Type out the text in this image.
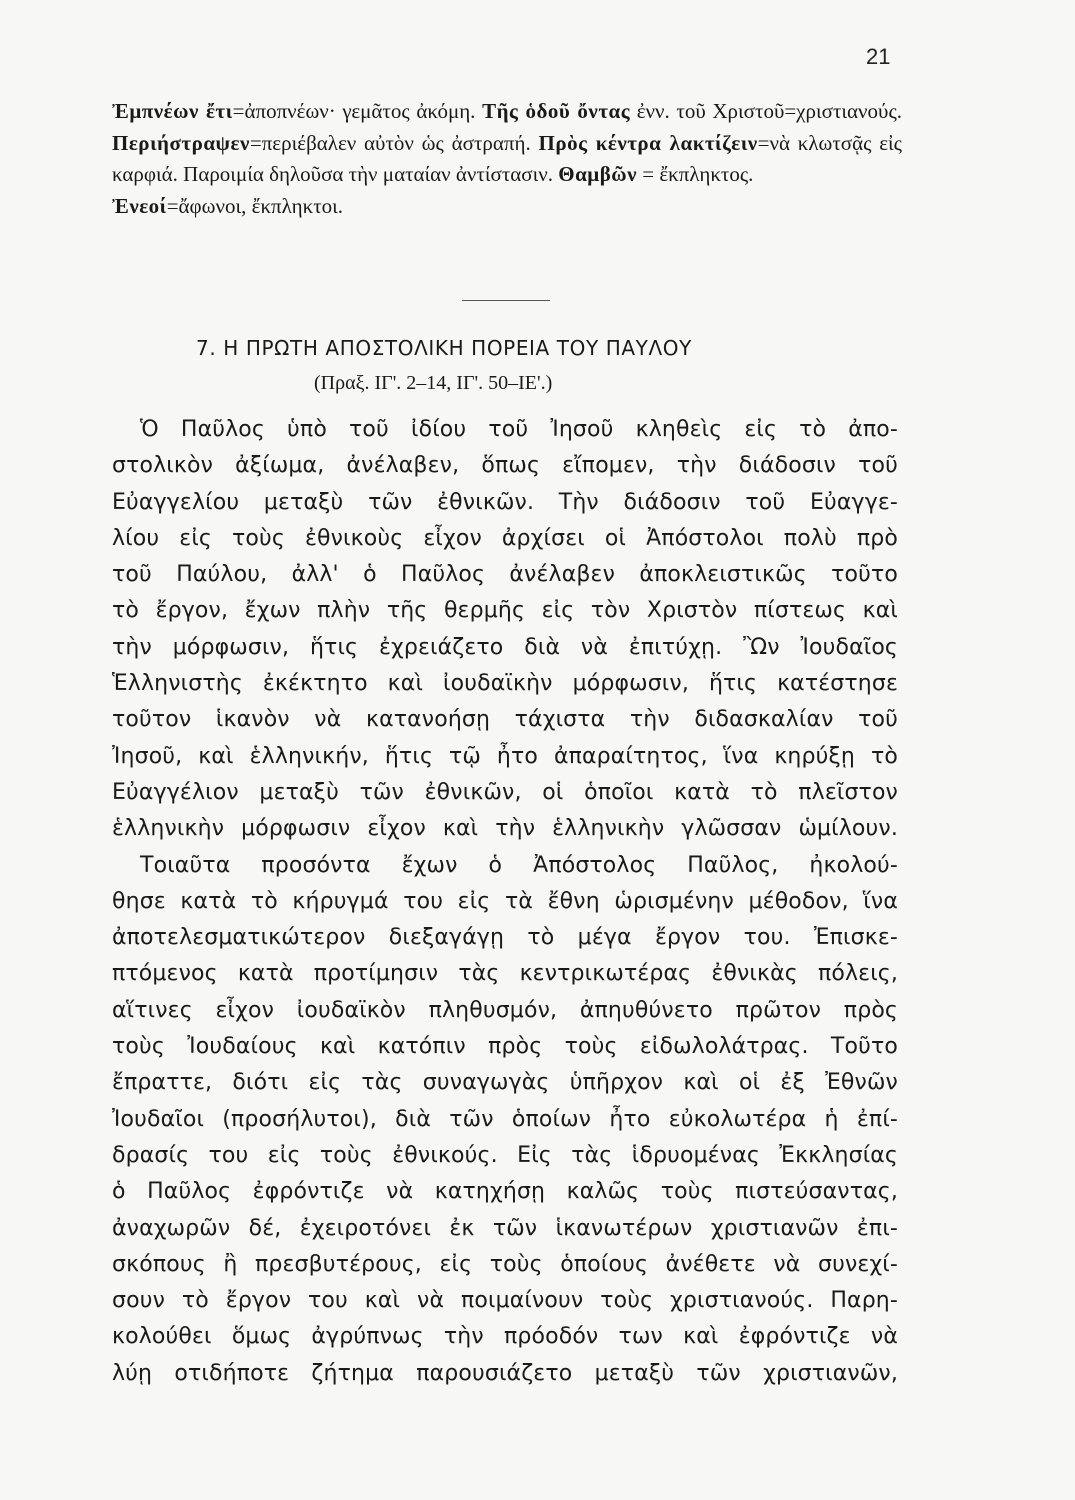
21
Ἐμπνέων ἔτι=ἀποπνέων· γεμᾶτος ἀκόμη. Τῆς ὁδοῦ ὄντας ἐνν. τοῦ Χριστοῦ=χριστιανούς. Περιήστραψεν=περιέβαλεν αὐτὸν ὡς ἀστραπή. Πρὸς κέντρα λακτίζειν=νὰ κλωτσᾷς εἰς καρφιά. Παροιμία δηλοῦσα τὴν ματαίαν ἀντίστασιν. Θαμβῶν = ἔκπληκτος.
Ἐνεοί=ἄφωνοι, ἔκπληκτοι.
7. Η ΠΡΩΤΗ ΑΠΟΣΤΟΛΙΚΗ ΠΟΡΕΙΑ ΤΟΥ ΠΑΥΛΟΥ
(Πραξ. ΙΓ'. 2–14, ΙΓ'. 50–ΙΕ'.)
Ὁ Παῦλος ὑπὸ τοῦ ἰδίου τοῦ Ἰησοῦ κληθεὶς εἰς τὸ ἀπο-
στολικὸν ἀξίωμα, ἀνέλαβεν, ὅπως εἴπομεν, τὴν διάδοσιν τοῦ
Εὐαγγελίου μεταξὺ τῶν ἐθνικῶν. Τὴν διάδοσιν τοῦ Εὐαγγε-
λίου εἰς τοὺς ἐθνικοὺς εἶχον ἀρχίσει οἱ Ἀπόστολοι πολὺ πρὸ
τοῦ Παύλου, ἀλλ' ὁ Παῦλος ἀνέλαβεν ἀποκλειστικῶς τοῦτο
τὸ ἔργον, ἔχων πλὴν τῆς θερμῆς εἰς τὸν Χριστὸν πίστεως καὶ
τὴν μόρφωσιν, ἥτις ἐχρειάζετο διὰ νὰ ἐπιτύχῃ. Ὢν Ἰουδαῖος
Ἑλληνιστὴς ἐκέκτητο καὶ ἰουδαϊκὴν μόρφωσιν, ἥτις κατέστησε
τοῦτον ἱκανὸν νὰ κατανοήσῃ τάχιστα τὴν διδασκαλίαν τοῦ
Ἰησοῦ, καὶ ἑλληνικήν, ἥτις τῷ ἦτο ἀπαραίτητος, ἵνα κηρύξῃ τὸ
Εὐαγγέλιον μεταξὺ τῶν ἐθνικῶν, οἱ ὁποῖοι κατὰ τὸ πλεῖστον
ἑλληνικὴν μόρφωσιν εἶχον καὶ τὴν ἑλληνικὴν γλῶσσαν ὡμίλουν.
Τοιαῦτα προσόντα ἔχων ὁ Ἀπόστολος Παῦλος, ἠκολού-
θησε κατὰ τὸ κήρυγμά του εἰς τὰ ἔθνη ὡρισμένην μέθοδον, ἵνα
ἀποτελεσματικώτερον διεξαγάγῃ τὸ μέγα ἔργον του. Ἐπισκε-
πτόμενος κατὰ προτίμησιν τὰς κεντρικωτέρας ἐθνικὰς πόλεις,
αἵτινες εἶχον ἰουδαϊκὸν πληθυσμόν, ἀπηυθύνετο πρῶτον πρὸς
τοὺς Ἰουδαίους καὶ κατόπιν πρὸς τοὺς εἰδωλολάτρας. Τοῦτο
ἔπραττε, διότι εἰς τὰς συναγωγὰς ὑπῆρχον καὶ οἱ ἐξ Ἐθνῶν
Ἰουδαῖοι (προσήλυτοι), διὰ τῶν ὁποίων ἦτο εὐκολωτέρα ἡ ἐπί-
δρασίς του εἰς τοὺς ἐθνικούς. Εἰς τὰς ἱδρυομένας Ἐκκλησίας
ὁ Παῦλος ἐφρόντιζε νὰ κατηχήσῃ καλῶς τοὺς πιστεύσαντας,
ἀναχωρῶν δέ, ἐχειροτόνει ἐκ τῶν ἱκανωτέρων χριστιανῶν ἐπι-
σκόπους ἢ πρεσβυτέρους, εἰς τοὺς ὁποίους ἀνέθετε νὰ συνεχί-
σουν τὸ ἔργον του καὶ νὰ ποιμαίνουν τοὺς χριστιανούς. Παρη-
κολούθει ὅμως ἀγρύπνως τὴν πρόοδόν των καὶ ἐφρόντιζε νὰ
λύῃ οτιδήποτε ζήτημα παρουσιάζετο μεταξὺ τῶν χριστιανῶν,
